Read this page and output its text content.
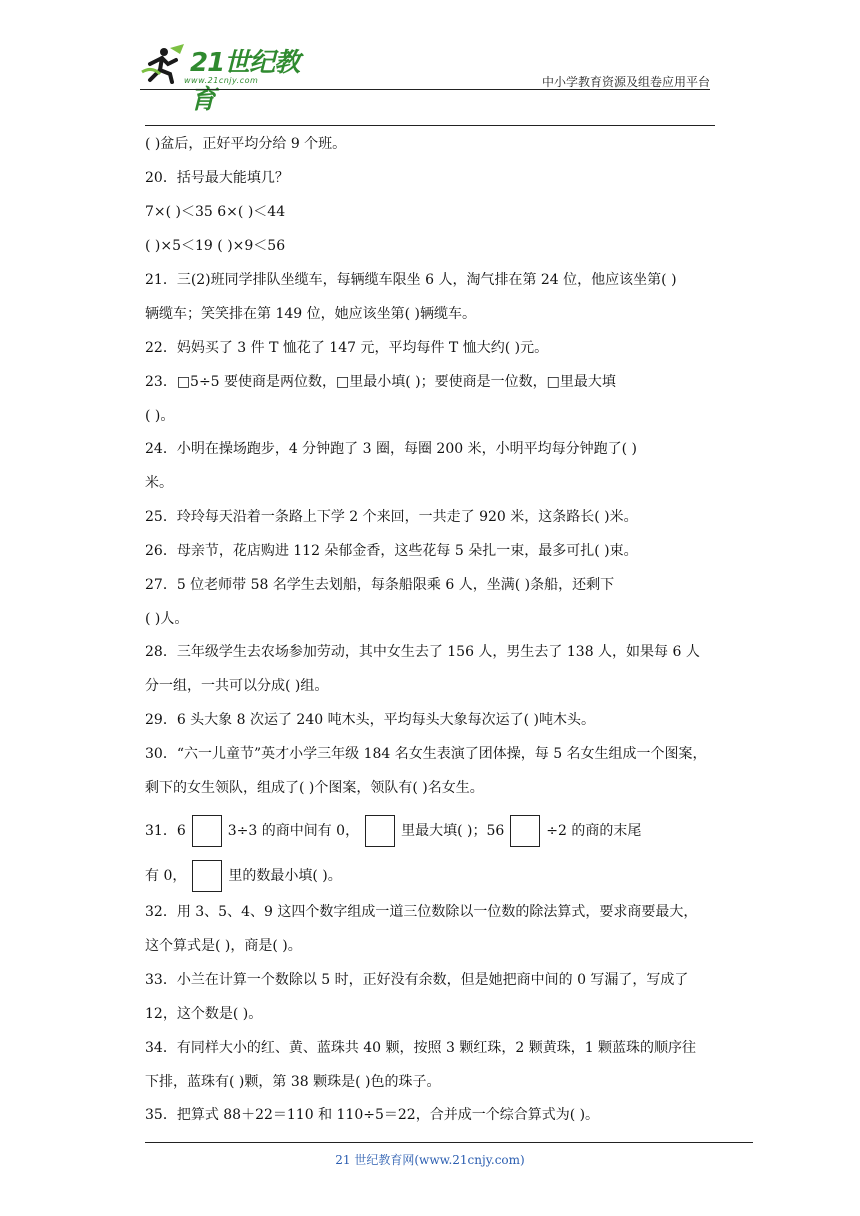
21世纪教育
www.21cnjy.com	中小学教育资源及组卷应用平台
( )盆后，正好平均分给 9 个班。
20．括号最大能填几？
7×( )＜35 6×( )＜44
( )×5＜19 ( )×9＜56
21．三(2)班同学排队坐缆车，每辆缆车限坐 6 人，淘气排在第 24 位，他应该坐第( )
辆缆车；笑笑排在第 149 位，她应该坐第( )辆缆车。
22．妈妈买了 3 件 T 恤花了 147 元，平均每件 T 恤大约( )元。
23．□5÷5 要使商是两位数，□里最小填( )；要使商是一位数，□里最大填
( )。
24．小明在操场跑步，4 分钟跑了 3 圈，每圈 200 米，小明平均每分钟跑了( )
米。
25．玲玲每天沿着一条路上下学 2 个来回，一共走了 920 米，这条路长( )米。
26．母亲节，花店购进 112 朵郁金香，这些花每 5 朵扎一束，最多可扎( )束。
27．5 位老师带 58 名学生去划船，每条船限乘 6 人，坐满( )条船，还剩下
( )人。
28．三年级学生去农场参加劳动，其中女生去了 156 人，男生去了 138 人，如果每 6 人
分一组，一共可以分成( )组。
29．6 头大象 8 次运了 240 吨木头，平均每头大象每次运了( )吨木头。
30．“六一儿童节”英才小学三年级 184 名女生表演了团体操，每 5 名女生组成一个图案，
剩下的女生领队，组成了( )个图案，领队有( )名女生。
31．6	3÷3 的商中间有 0，	里最大填( )；56	÷2 的商的末尾
有 0，	里的数最小填( )。
32．用 3、5、4、9 这四个数字组成一道三位数除以一位数的除法算式，要求商要最大，
这个算式是( )，商是( )。
33．小兰在计算一个数除以 5 时，正好没有余数，但是她把商中间的 0 写漏了，写成了
12，这个数是( )。
34．有同样大小的红、黄、蓝珠共 40 颗，按照 3 颗红珠，2 颗黄珠，1 颗蓝珠的顺序往
下排，蓝珠有( )颗，第 38 颗珠是( )色的珠子。
35．把算式 88＋22＝110 和 110÷5＝22，合并成一个综合算式为( )。
21 世纪教育网(www.21cnjy.com)
